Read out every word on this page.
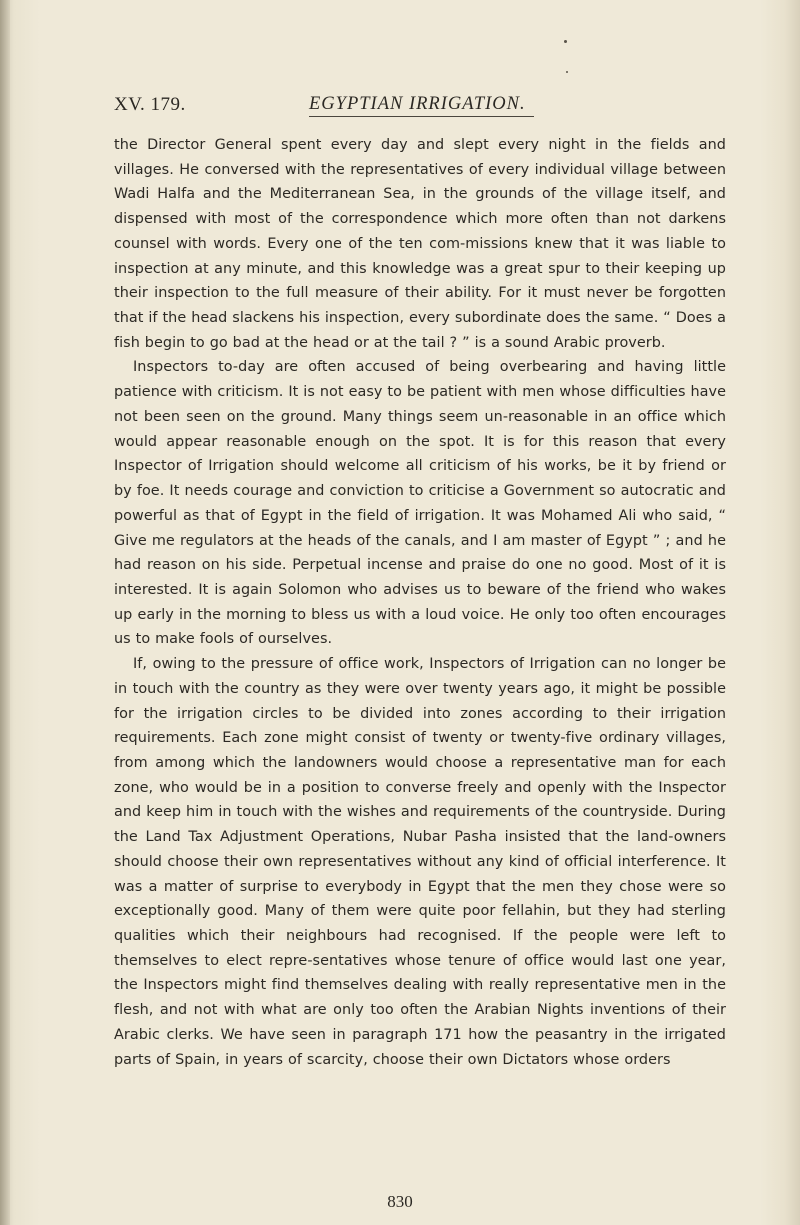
XV. 179.	EGYPTIAN IRRIGATION.

the Director General spent every day and slept every night in the fields and villages. He conversed with the representatives of every individual village between Wadi Halfa and the Mediterranean Sea, in the grounds of the village itself, and dispensed with most of the correspondence which more often than not darkens counsel with words. Every one of the ten com-missions knew that it was liable to inspection at any minute, and this knowledge was a great spur to their keeping up their inspection to the full measure of their ability. For it must never be forgotten that if the head slackens his inspection, every subordinate does the same. “ Does a fish begin to go bad at the head or at the tail ? ” is a sound Arabic proverb.

Inspectors to-day are often accused of being overbearing and having little patience with criticism. It is not easy to be patient with men whose difficulties have not been seen on the ground. Many things seem un-reasonable in an office which would appear reasonable enough on the spot. It is for this reason that every Inspector of Irrigation should welcome all criticism of his works, be it by friend or by foe. It needs courage and conviction to criticise a Government so autocratic and powerful as that of Egypt in the field of irrigation. It was Mohamed Ali who said, “ Give me regulators at the heads of the canals, and I am master of Egypt ” ; and he had reason on his side. Perpetual incense and praise do one no good. Most of it is interested. It is again Solomon who advises us to beware of the friend who wakes up early in the morning to bless us with a loud voice. He only too often encourages us to make fools of ourselves.

If, owing to the pressure of office work, Inspectors of Irrigation can no longer be in touch with the country as they were over twenty years ago, it might be possible for the irrigation circles to be divided into zones according to their irrigation requirements. Each zone might consist of twenty or twenty-five ordinary villages, from among which the landowners would choose a representative man for each zone, who would be in a position to converse freely and openly with the Inspector and keep him in touch with the wishes and requirements of the countryside. During the Land Tax Adjustment Operations, Nubar Pasha insisted that the land-owners should choose their own representatives without any kind of official interference. It was a matter of surprise to everybody in Egypt that the men they chose were so exceptionally good. Many of them were quite poor fellahin, but they had sterling qualities which their neighbours had recognised. If the people were left to themselves to elect repre-sentatives whose tenure of office would last one year, the Inspectors might find themselves dealing with really representative men in the flesh, and not with what are only too often the Arabian Nights inventions of their Arabic clerks. We have seen in paragraph 171 how the peasantry in the irrigated parts of Spain, in years of scarcity, choose their own Dictators whose orders

830
